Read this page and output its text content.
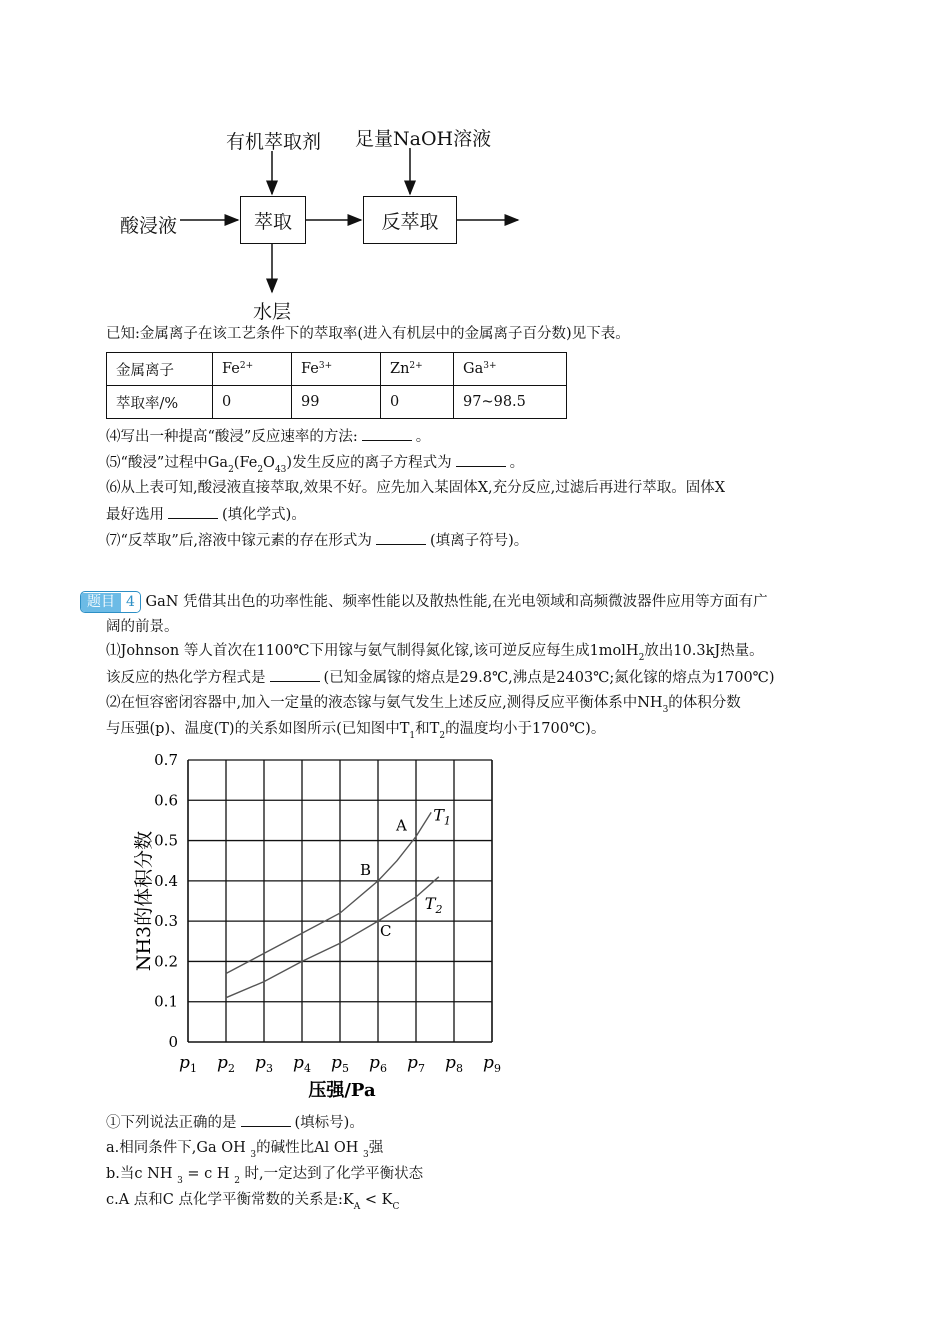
有机萃取剂 足量NaOH溶液
酸浸液	萃取	反萃取
水层
已知:金属离子在该工艺条件下的萃取率(进入有机层中的金属离子百分数)见下表。
金属离子	$Fe^{2+}$	$Fe^{3+}$	$Zn^{2+}$	$Ga^{3+}$
萃取率/%	0	99	0	97~98.5
⑷写出一种提高“酸浸”反应速率的方法:	。
⑸“酸浸”过程中$Ga_2(Fe_2O_{43})$发生反应的离子方程式为	。
⑹从上表可知,酸浸液直接萃取,效果不好。应先加入某固体X,充分反应,过滤后再进行萃取。固体X
最好选用	(填化学式)。
⑺“反萃取”后,溶液中镓元素的存在形式为	(填离子符号)。
题目 4 GaN 凭借其出色的功率性能、频率性能以及散热性能,在光电领域和高频微波器件应用等方面有广
阔的前景。
⑴Johnson 等人首次在1100℃下用镓与氨气制得氮化镓,该可逆反应每生成1molH$_2$放出10.3kJ热量。
该反应的热化学方程式是	(已知金属镓的熔点是29.8℃,沸点是2403℃;氮化镓的熔点为1700℃)
⑵在恒容密闭容器中,加入一定量的液态镓与氨气发生上述反应,测得反应平衡体系中$NH_3$的体积分数
与压强(p)、温度(T)的关系如图所示(已知图中$T_1$和$T_2$的温度均小于1700℃)。
0
0.1
0.2
0.3
0.4
0.5
0.6
0.7
$p_1$ $p_2$ $p_3$ $p_4$ $p_5$ $p_6$ $p_7$ $p_8$ $p_9$
$T_1$
$T_2$
A
B
C
NH3的体积分数
压强/Pa
①下列说法正确的是	(填标号)。
a.相同条件下,Ga OH $_3$的碱性比Al OH $_3$强
b.当c NH $_3$ = c H $_2$ 时,一定达到了化学平衡状态
c.A 点和C 点化学平衡常数的关系是$:K_A < K_C$
